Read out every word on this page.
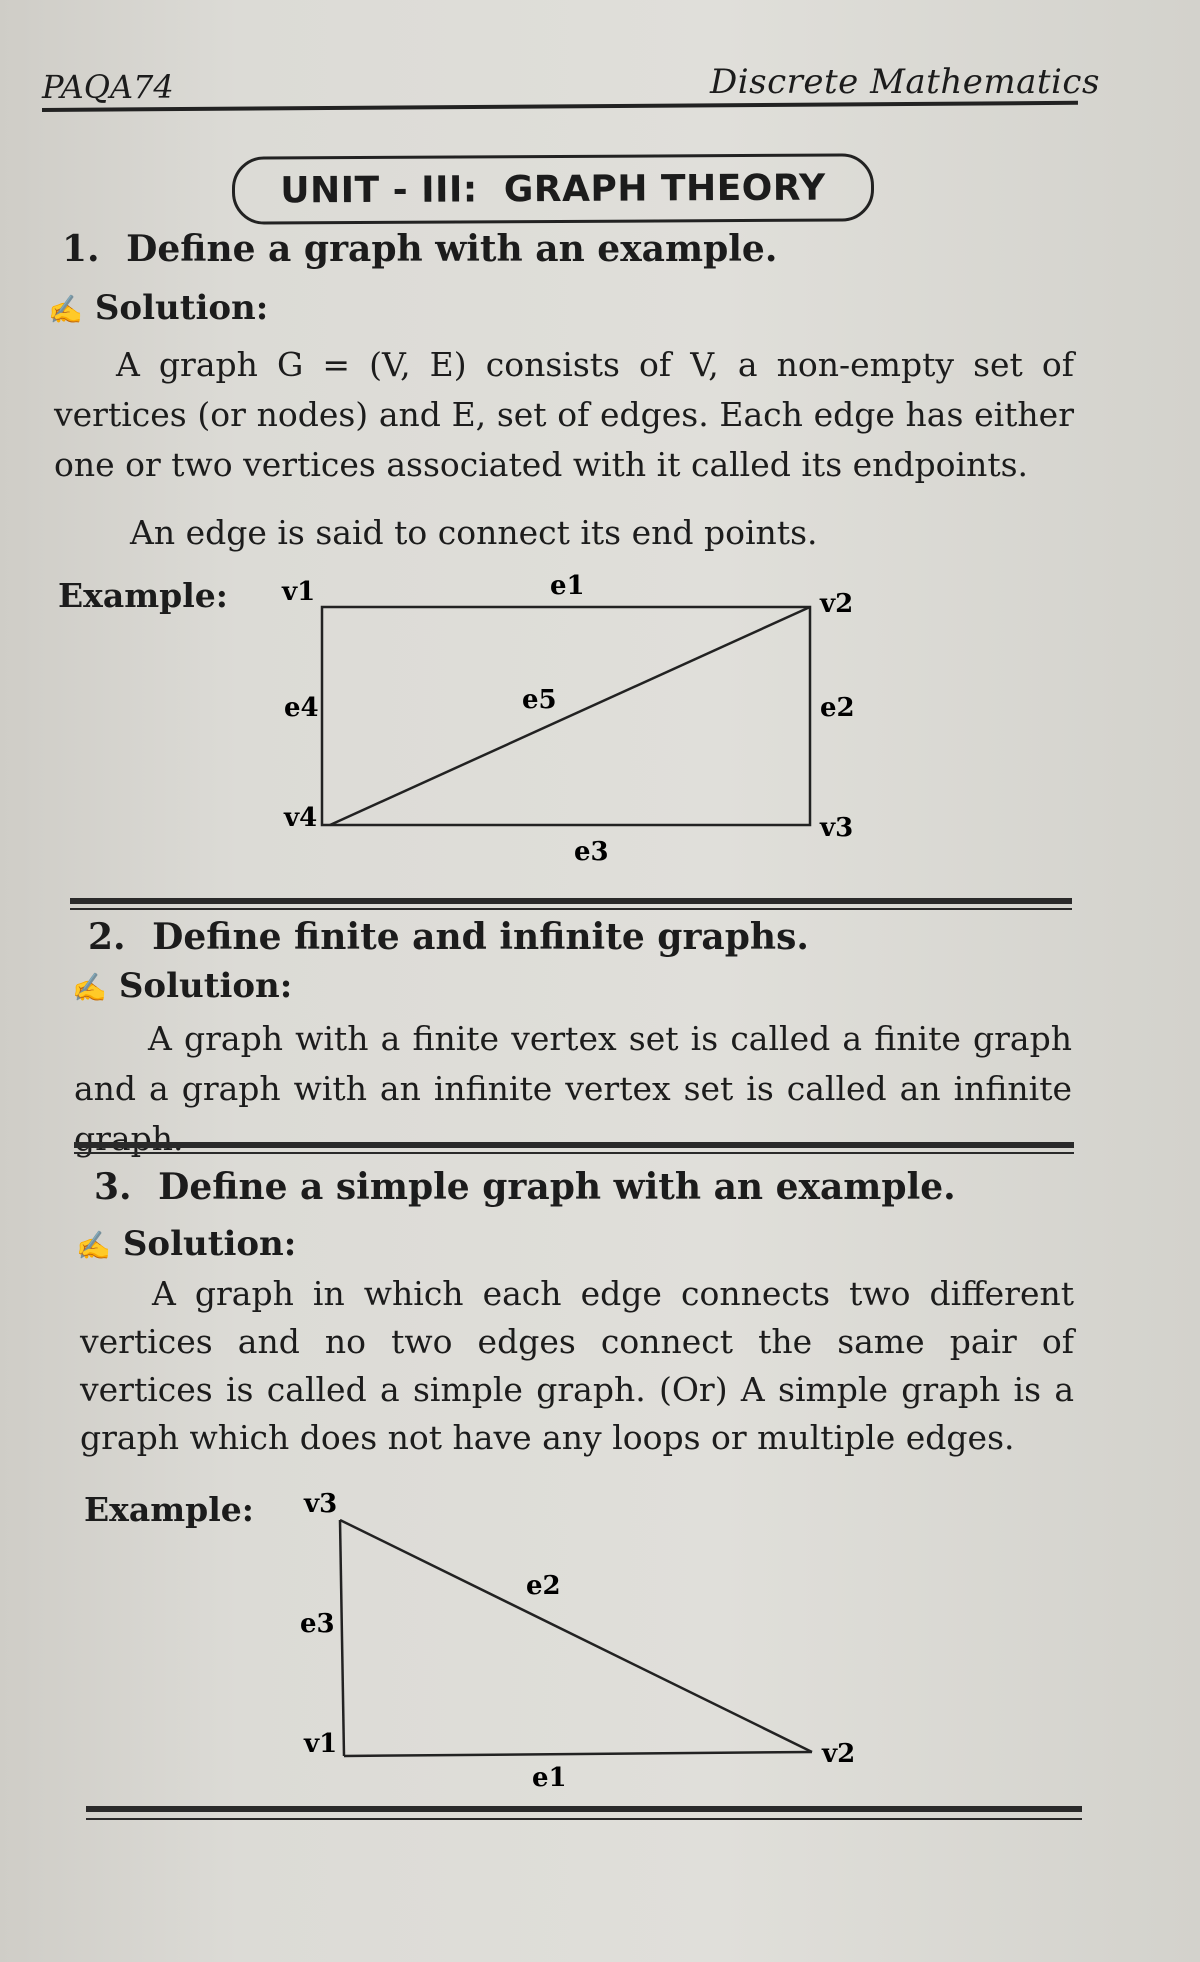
PAQA74	Discrete Mathematics
UNIT - III:  GRAPH THEORY
1. Define a graph with an example.
✍ Solution:
A graph G = (V, E) consists of V, a non-empty set of vertices (or nodes) and E, set of edges. Each edge has either one or two vertices associated with it called its endpoints.
An edge is said to connect its end points.
Example: v1	v2
v3
v4
e1
e2
e3
e4	e5
2. Define finite and infinite graphs.
✍ Solution:
A graph with a finite vertex set is called a finite graph and a graph with an infinite vertex set is called an infinite graph.
3. Define a simple graph with an example.
✍ Solution:
A graph in which each edge connects two different vertices and no two edges connect the same pair of vertices is called a simple graph. (Or) A simple graph is a graph which does not have any loops or multiple edges.
Example: v3
v2
v1
e2
e3
e1
